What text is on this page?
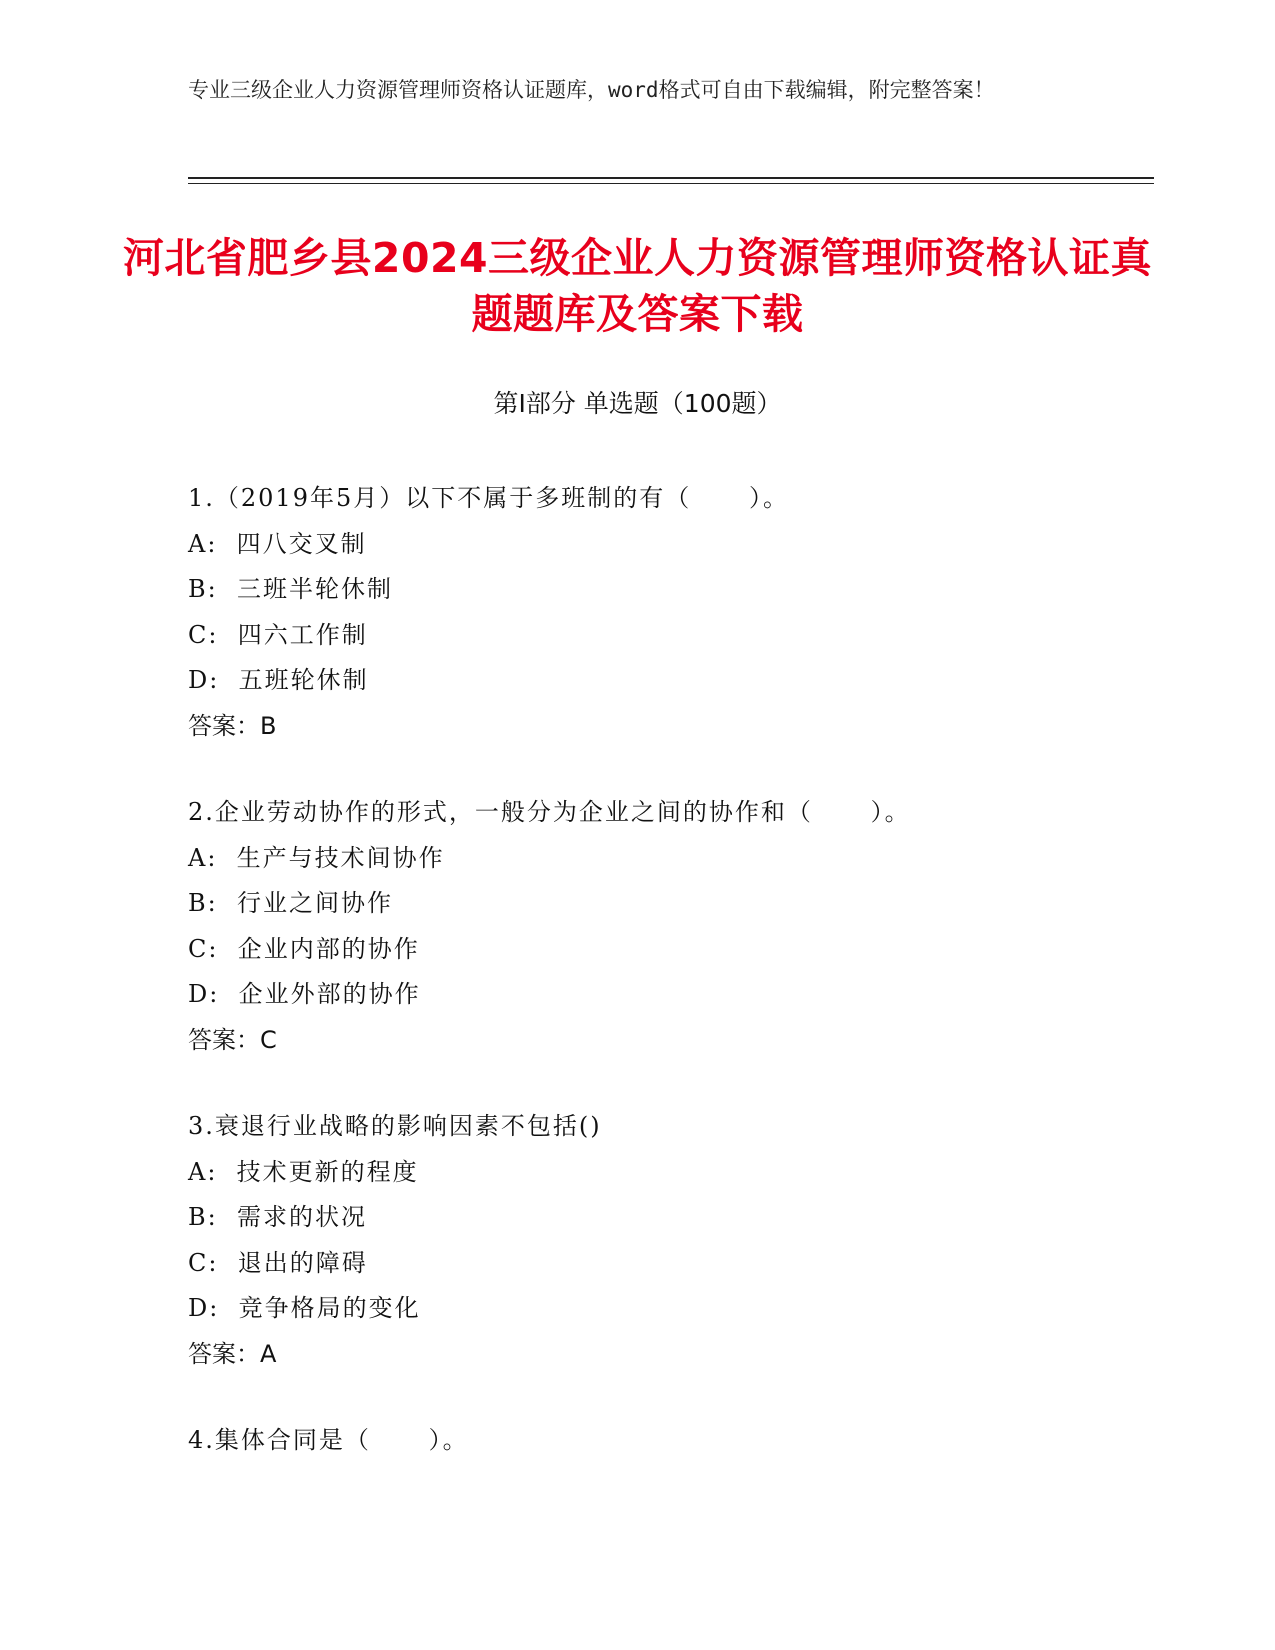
专业三级企业人力资源管理师资格认证题库，word格式可自由下载编辑，附完整答案！
河北省肥乡县2024三级企业人力资源管理师资格认证真题题库及答案下载
第Ⅰ部分 单选题（100题）
1.（2019年5月）以下不属于多班制的有（      ）。
A:  四八交叉制
B:  三班半轮休制
C:  四六工作制
D:  五班轮休制
答案：B
2.企业劳动协作的形式，一般分为企业之间的协作和（      ）。
A:  生产与技术间协作
B:  行业之间协作
C:  企业内部的协作
D:  企业外部的协作
答案：C
3.衰退行业战略的影响因素不包括()
A:  技术更新的程度
B:  需求的状况
C:  退出的障碍
D:  竞争格局的变化
答案：A
4.集体合同是（      ）。
